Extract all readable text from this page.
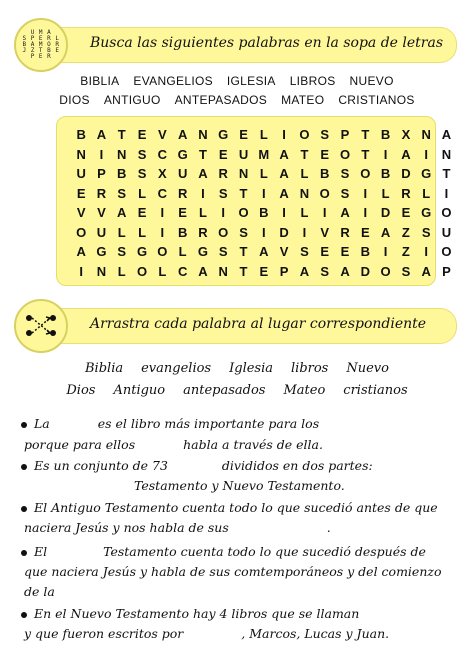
U M A
S P E R L
B A M O R
J Z T B E
P E R
Busca las siguientes palabras en la sopa de letras
BIBLIA EVANGELIOS IGLESIA LIBROS NUEVO
DIOS ANTIGUO ANTEPASADOS MATEO CRISTIANOS
B A T E V A N G E L	I	O S P T B X N A
N	I	N S C G T E U M A T E O T	I	A	I	N
U P B S X U A R N L A L B S O B D G T
E R S L C R	I	S T	I	A N O S	I	L R L	I
V V A E	I	E L	I	O B	I	L	I	A	I	D E G O
O U L L	I	B R O S	I	D	I	V R E A Z S U
A G S G O L G S T A V S E E B	I	Z	I	O
I	N L O L C A N T E P A S A D O S A P
Arrastra cada palabra al lugar correspondiente
Biblia evangelios Iglesia libros Nuevo
Dios Antiguo antepasados Mateo cristianos
La	es el libro más importante para los
porque para ellos	habla a través de ella.
Es un conjunto de 73	divididos en dos partes:
Testamento y Nuevo Testamento.
El Antiguo Testamento cuenta todo lo que sucedió antes de que
naciera Jesús y nos habla de sus	.
El	Testamento cuenta todo lo que sucedió después de
que naciera Jesús y habla de sus comtemporáneos y del comienzo
de la
En el Nuevo Testamento hay 4 libros que se llaman
y que fueron escritos por	, Marcos, Lucas y Juan.
